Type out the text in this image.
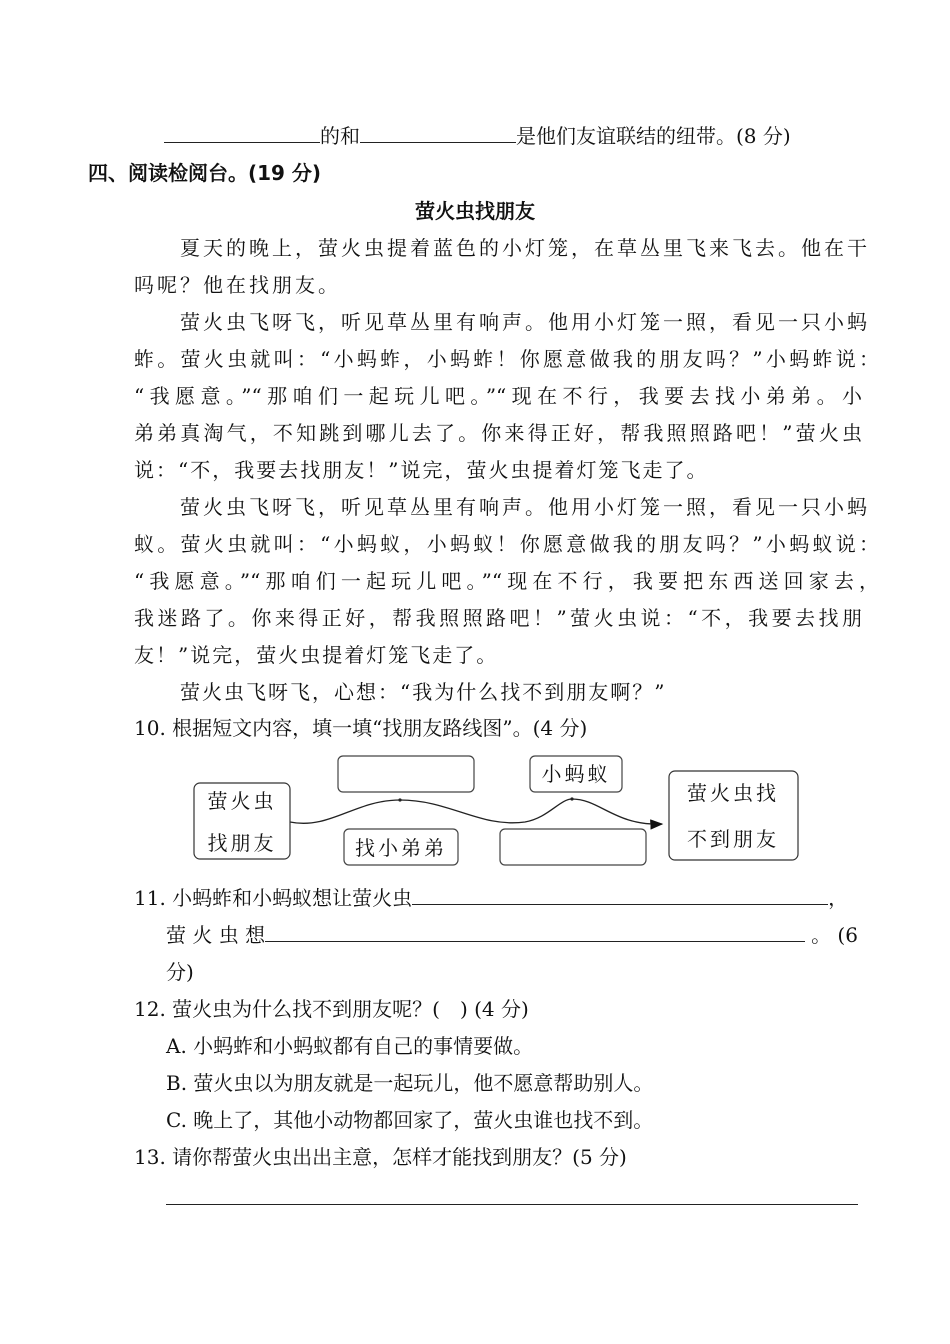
的和	是他们友谊联结的纽带。(8 分)
四、阅读检阅台。(19 分)
萤火虫找朋友
夏天的晚上，萤火虫提着蓝色的小灯笼，在草丛里飞来飞去。他在干
吗呢？他在找朋友。
萤火虫飞呀飞，听见草丛里有响声。他用小灯笼一照，看见一只小蚂
蚱。萤火虫就叫：“小蚂蚱，小蚂蚱！你愿意做我的朋友吗？”小蚂蚱说：
“我愿意。”“那咱们一起玩儿吧。”“现在不行，我要去找小弟弟。小
弟弟真淘气，不知跳到哪儿去了。你来得正好，帮我照照路吧！”萤火虫
说：“不，我要去找朋友！”说完，萤火虫提着灯笼飞走了。
萤火虫飞呀飞，听见草丛里有响声。他用小灯笼一照，看见一只小蚂
蚁。萤火虫就叫：“小蚂蚁，小蚂蚁！你愿意做我的朋友吗？”小蚂蚁说：
“我愿意。”“那咱们一起玩儿吧。”“现在不行，我要把东西送回家去，
我迷路了。你来得正好，帮我照照路吧！”萤火虫说：“不，我要去找朋
友！”说完，萤火虫提着灯笼飞走了。
萤火虫飞呀飞，心想：“我为什么找不到朋友啊？”
10. 根据短文内容，填一填“找朋友路线图”。(4 分)
萤火虫
找朋友
小蚂蚁
找小弟弟
萤火虫找
不到朋友
11. 小蚂蚱和小蚂蚁想让萤火虫	，
萤 火 虫 想	。 (6
分)
12. 萤火虫为什么找不到朋友呢？(　) (4 分)
A. 小蚂蚱和小蚂蚁都有自己的事情要做。
B. 萤火虫以为朋友就是一起玩儿，他不愿意帮助别人。
C. 晚上了，其他小动物都回家了，萤火虫谁也找不到。
13. 请你帮萤火虫出出主意，怎样才能找到朋友？(5 分)
